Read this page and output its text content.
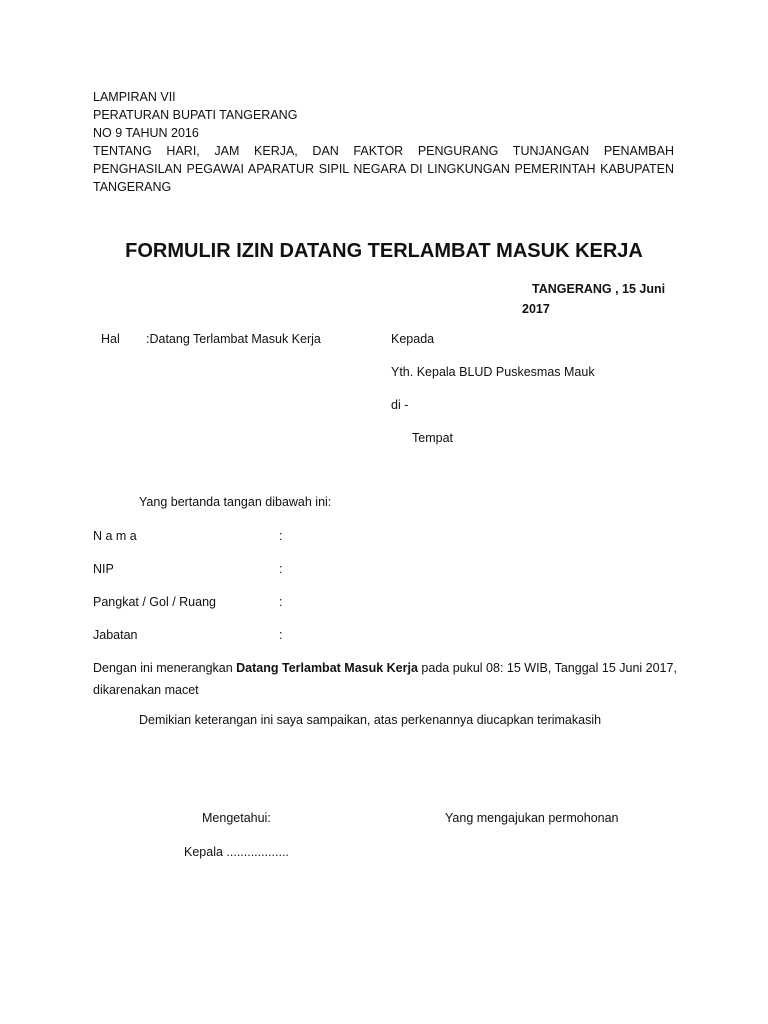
LAMPIRAN VII
PERATURAN BUPATI TANGERANG
NO 9 TAHUN 2016
TENTANG HARI, JAM KERJA, DAN FAKTOR PENGURANG TUNJANGAN PENAMBAH PENGHASILAN PEGAWAI APARATUR SIPIL NEGARA DI LINGKUNGAN PEMERINTAH KABUPATEN TANGERANG
FORMULIR IZIN DATANG TERLAMBAT MASUK KERJA
TANGERANG , 15 Juni
2017
Hal :Datang Terlambat Masuk Kerja	Kepada
Yth. Kepala BLUD Puskesmas Mauk
di -
Tempat
Yang bertanda tangan dibawah ini:
N a m a	:
NIP	:
Pangkat / Gol / Ruang	:
Jabatan	:
Dengan ini menerangkan Datang Terlambat Masuk Kerja pada pukul 08: 15 WIB, Tanggal 15 Juni 2017, dikarenakan macet
Demikian keterangan ini saya sampaikan, atas perkenannya diucapkan terimakasih
Mengetahui:
Kepala ..................
Yang mengajukan permohonan
